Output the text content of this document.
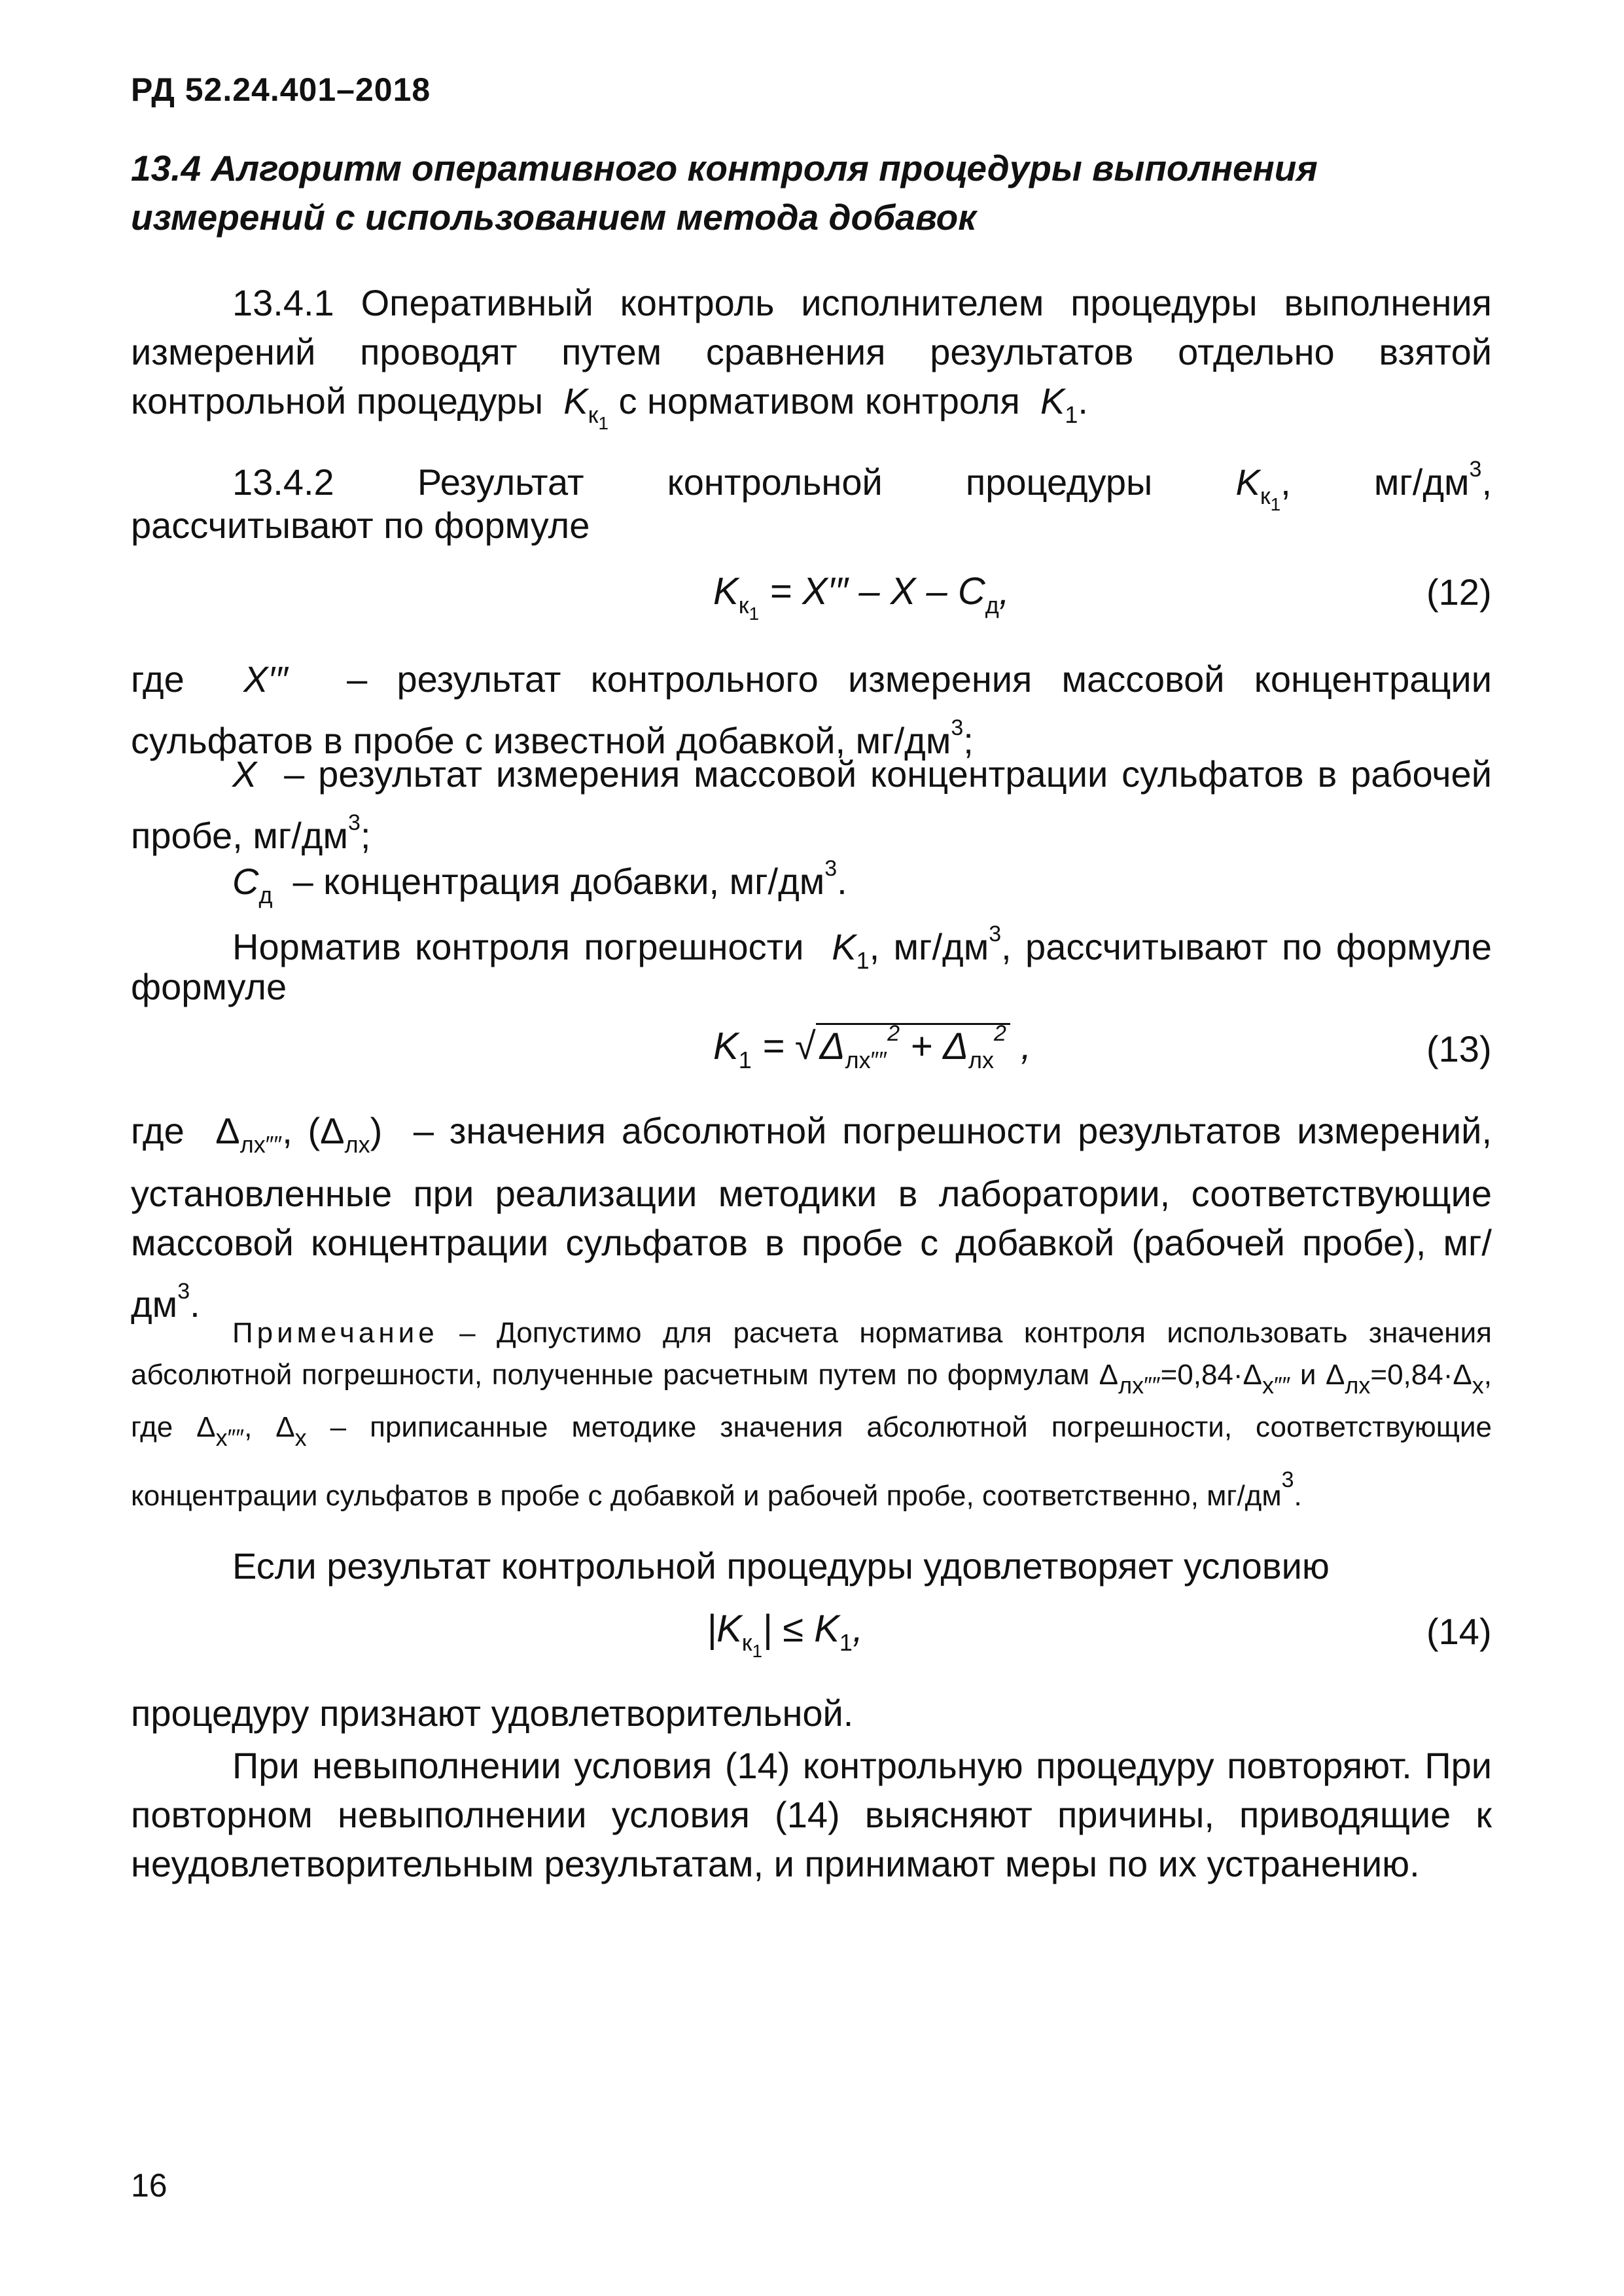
РД 52.24.401–2018
13.4 Алгоритм оперативного контроля процедуры выполнения измерений с использованием метода добавок
13.4.1 Оперативный контроль исполнителем процедуры выполнения измерений проводят путем сравнения результатов отдельно взятой контрольной процедуры  $K_{к_1}$ с нормативом контроля  $K_1$.
13.4.2 Результат контрольной процедуры $K_{к_1}$, $мг/дм^3$,
рассчитывают по формуле
$K_{к_1} = X''' - X - С_д$,	(12)
где  X′″  – результат контрольного измерения массовой концентрации сульфатов в пробе с известной добавкой, $мг/дм^3$;
X  – результат измерения массовой концентрации сульфатов в рабочей пробе, $мг/дм^3$;
$С_д$ – концентрация добавки, $мг/дм^3$.
Норматив контроля погрешности  $K_1$, $мг/дм^3$, рассчитывают по формуле
формуле
$K_1$ = √ $\Delta_{лх''''}^2 + \Delta_{лх}^2$ ,	(13)
где  $\Delta_{лх''''}$, $(\Delta_{лх})$  – значения абсолютной погрешности результатов измерений, установленные при реализации методики в лаборатории, соответствующие массовой концентрации сульфатов в пробе с добавкой (рабочей пробе), $мг/дм^3$.
Примечание – Допустимо для расчета норматива контроля использовать значения абсолютной погрешности, полученные расчетным путем по формулам $\Delta_{лх''''}=0,84\cdot\Delta_{х''''}$ и $\Delta_{лх}=0,84\cdot\Delta_х$, где $\Delta_{х''''}$, $\Delta_х$ – приписанные методике значения абсолютной погрешности, соответствующие концентрации сульфатов в пробе с добавкой и рабочей пробе, соответственно, $мг/дм^3$.
Если результат контрольной процедуры удовлетворяет условию
$|K_{к_1}| \le K_1$,	(14)
процедуру признают удовлетворительной.
При невыполнении условия (14) контрольную процедуру повторяют. При повторном невыполнении условия (14) выясняют причины, приводящие к неудовлетворительным результатам, и принимают меры по их устранению.
16
